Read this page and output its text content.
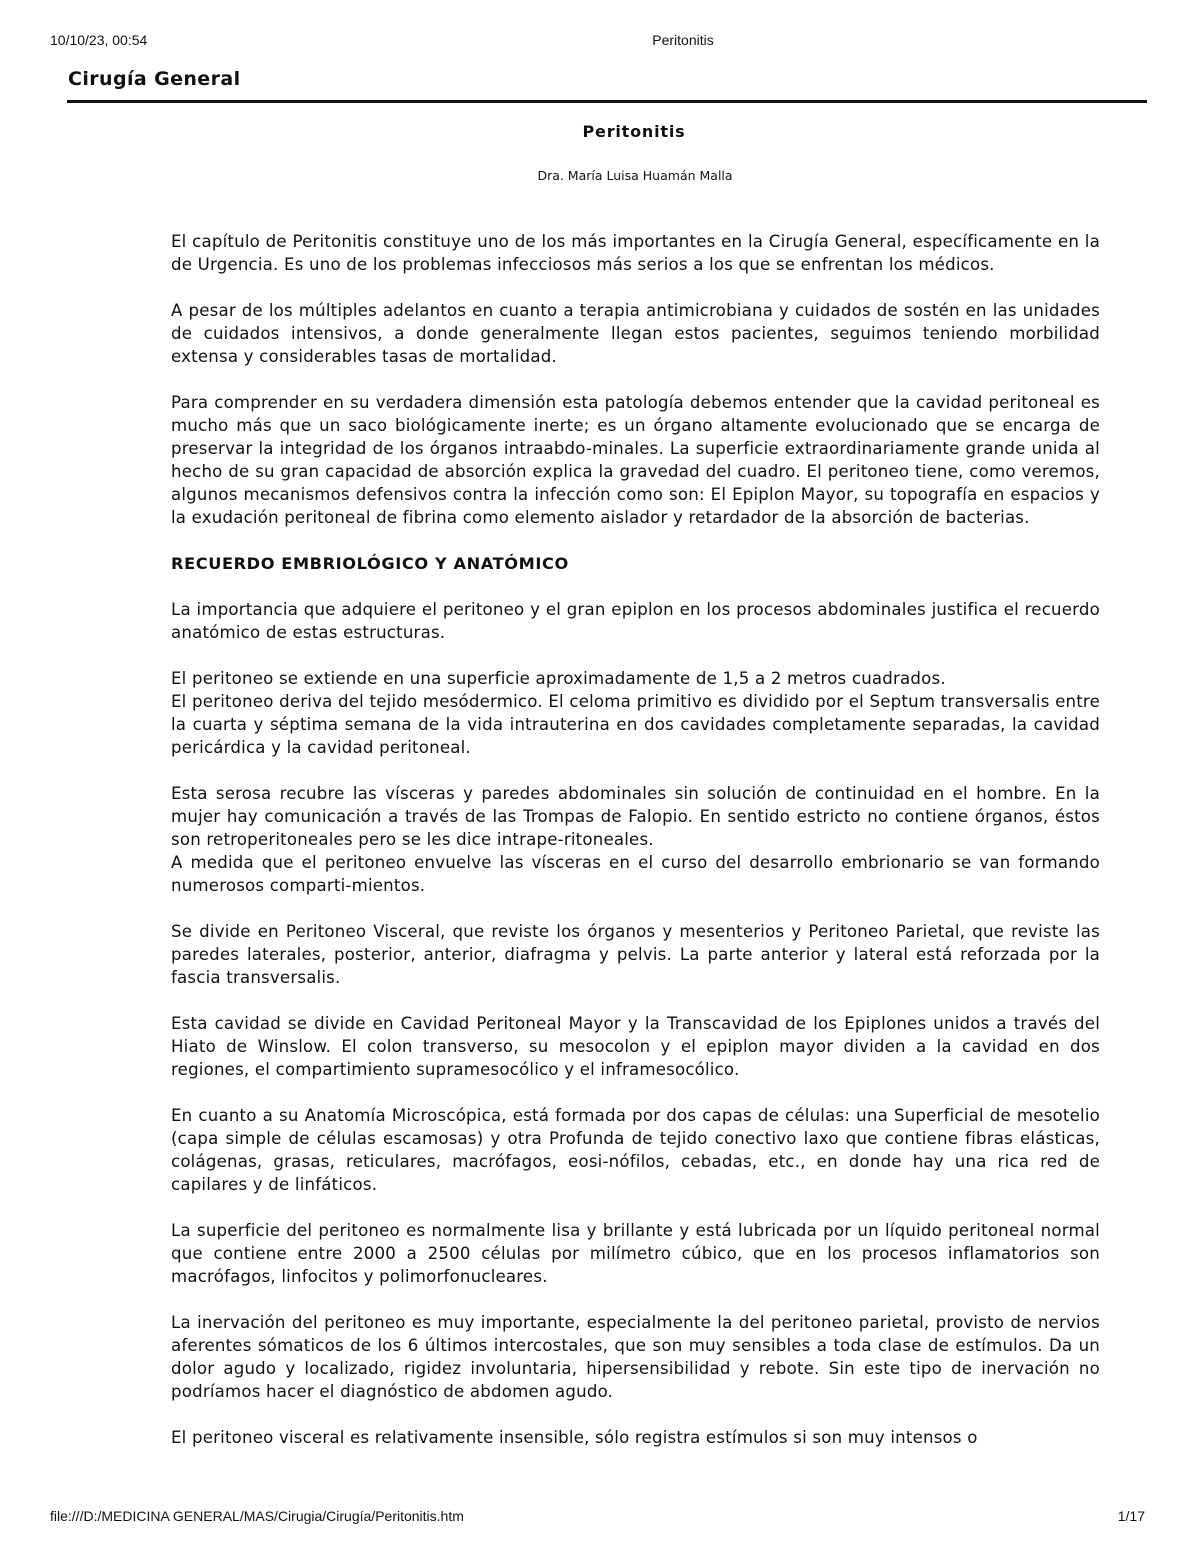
10/10/23, 00:54	Peritonitis
Cirugía General
Peritonitis
Dra. María Luisa Huamán Malla

El capítulo de Peritonitis constituye uno de los más importantes en la Cirugía General, específicamente en la de Urgencia. Es uno de los problemas infecciosos más serios a los que se enfrentan los médicos.

A pesar de los múltiples adelantos en cuanto a terapia antimicrobiana y cuidados de sostén en las unidades de cuidados intensivos, a donde generalmente llegan estos pacientes, seguimos teniendo morbilidad extensa y considerables tasas de mortalidad.

Para comprender en su verdadera dimensión esta patología debemos entender que la cavidad peritoneal es mucho más que un saco biológicamente inerte; es un órgano altamente evolucionado que se encarga de preservar la integridad de los órganos intraabdo-minales. La superficie extraordinariamente grande unida al hecho de su gran capacidad de absorción explica la gravedad del cuadro. El peritoneo tiene, como veremos, algunos mecanismos defensivos contra la infección como son: El Epiplon Mayor, su topografía en espacios y la exudación peritoneal de fibrina como elemento aislador y retardador de la absorción de bacterias.

RECUERDO EMBRIOLÓGICO Y ANATÓMICO

La importancia que adquiere el peritoneo y el gran epiplon en los procesos abdominales justifica el recuerdo anatómico de estas estructuras.

El peritoneo se extiende en una superficie aproximadamente de 1,5 a 2 metros cuadrados.

El peritoneo deriva del tejido mesódermico. El celoma primitivo es dividido por el Septum transversalis entre la cuarta y séptima semana de la vida intrauterina en dos cavidades completamente separadas, la cavidad pericárdica y la cavidad peritoneal.

Esta serosa recubre las vísceras y paredes abdominales sin solución de continuidad en el hombre. En la mujer hay comunicación a través de las Trompas de Falopio. En sentido estricto no contiene órganos, éstos son retroperitoneales pero se les dice intrape-ritoneales.

A medida que el peritoneo envuelve las vísceras en el curso del desarrollo embrionario se van formando numerosos comparti-mientos.

Se divide en Peritoneo Visceral, que reviste los órganos y mesenterios y Peritoneo Parietal, que reviste las paredes laterales, posterior, anterior, diafragma y pelvis. La parte anterior y lateral está reforzada por la fascia transversalis.

Esta cavidad se divide en Cavidad Peritoneal Mayor y la Transcavidad de los Epiplones unidos a través del Hiato de Winslow. El colon transverso, su mesocolon y el epiplon mayor dividen a la cavidad en dos regiones, el compartimiento supramesocólico y el inframesocólico.

En cuanto a su Anatomía Microscópica, está formada por dos capas de células: una Superficial de mesotelio (capa simple de células escamosas) y otra Profunda de tejido conectivo laxo que contiene fibras elásticas, colágenas, grasas, reticulares, macrófagos, eosi-nófilos, cebadas, etc., en donde hay una rica red de capilares y de linfáticos.

La superficie del peritoneo es normalmente lisa y brillante y está lubricada por un líquido peritoneal normal que contiene entre 2000 a 2500 células por milímetro cúbico, que en los procesos inflamatorios son macrófagos, linfocitos y polimorfonucleares.

La inervación del peritoneo es muy importante, especialmente la del peritoneo parietal, provisto de nervios aferentes sómaticos de los 6 últimos intercostales, que son muy sensibles a toda clase de estímulos. Da un dolor agudo y localizado, rigidez involuntaria, hipersensibilidad y rebote. Sin este tipo de inervación no podríamos hacer el diagnóstico de abdomen agudo.

El peritoneo visceral es relativamente insensible, sólo registra estímulos si son muy intensos o

file:///D:/MEDICINA GENERAL/MAS/Cirugia/Cirugía/Peritonitis.htm	1/17
